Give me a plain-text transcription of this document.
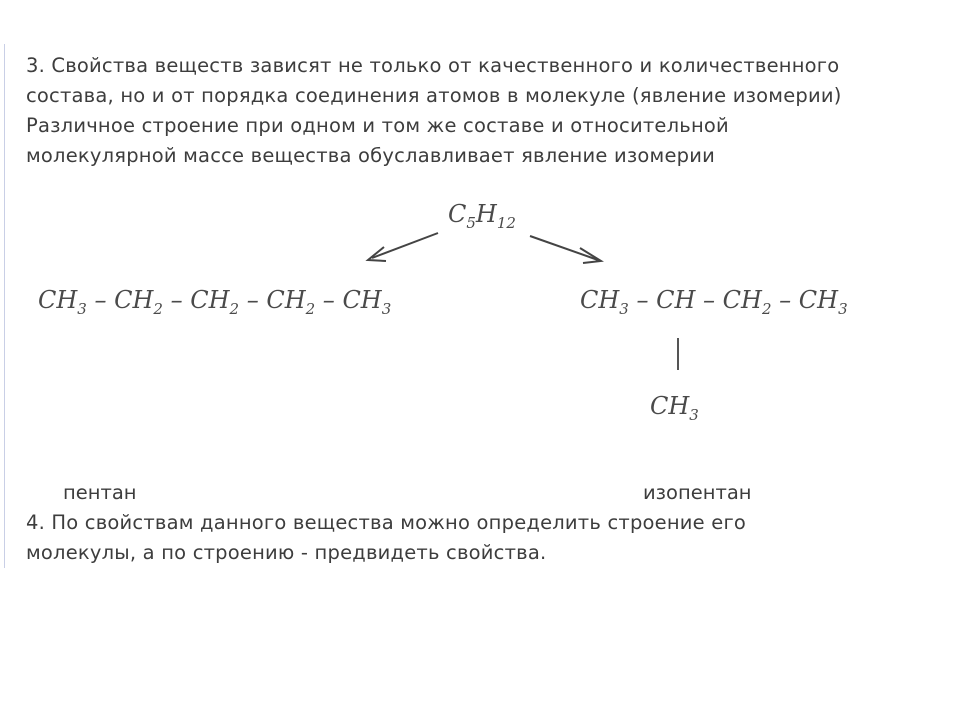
3. Свойства веществ зависят не только от качественного и количественного
состава, но и от порядка соединения атомов в молекуле (явление изомерии)
Различное строение при одном и том же составе и относительной
молекулярной массе вещества обуславливает явление изомерии

$C_5H_{12}$
$CH_3 - CH_2 - CH_2 - CH_2 - CH_3$	$CH_3$ – CH – $CH_2 - CH_3$
$CH_3$

пентан	изопентан

4. По свойствам данного вещества можно определить строение его
молекулы, а по строению - предвидеть свойства.
